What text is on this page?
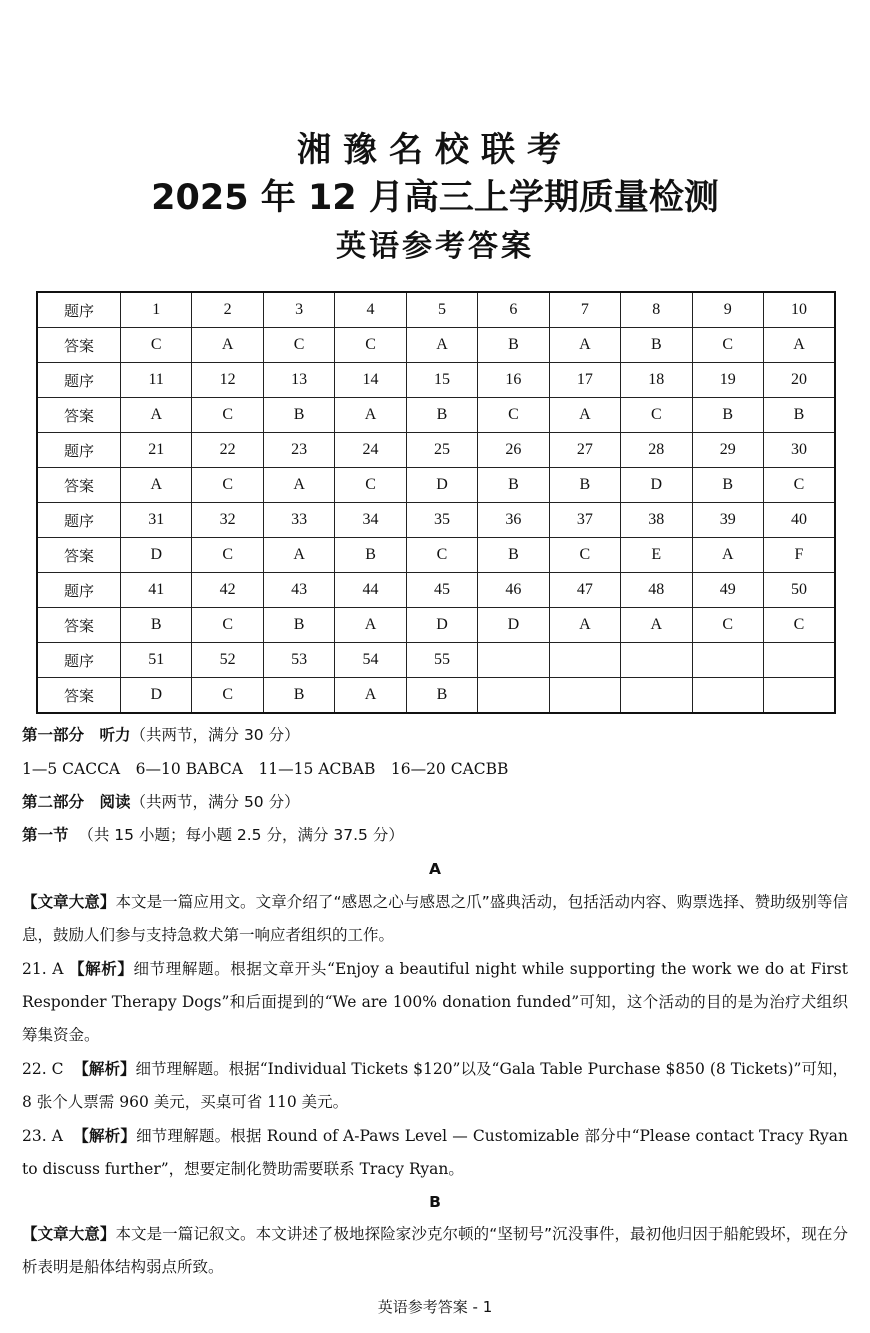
湘豫名校联考
2025 年 12 月高三上学期质量检测
英语参考答案
题序	1	2	3	4	5	6	7	8	9	10
答案	C	A	C	C	A	B	A	B	C	A
题序	11	12	13	14	15	16	17	18	19	20
答案	A	C	B	A	B	C	A	C	B	B
题序	21	22	23	24	25	26	27	28	29	30
答案	A	C	A	C	D	B	B	D	B	C
题序	31	32	33	34	35	36	37	38	39	40
答案	D	C	A	B	C	B	C	E	A	F
题序	41	42	43	44	45	46	47	48	49	50
答案	B	C	B	A	D	D	A	A	C	C
题序	51	52	53	54	55					
答案	D	C	B	A	B					
第一部分　听力（共两节，满分 30 分）
1—5 CACCA　6—10 BABCA　11—15 ACBAB　16—20 CACBB
第二部分　阅读（共两节，满分 50 分）
第一节 （共 15 小题；每小题 2.5 分，满分 37.5 分）
A
【文章大意】本文是一篇应用文。文章介绍了“感恩之心与感恩之爪”盛典活动，包括活动内容、购票选择、赞助级别等信息，鼓励人们参与支持急救犬第一响应者组织的工作。
21. A 【解析】细节理解题。根据文章开头“Enjoy a beautiful night while supporting the work we do at First Responder Therapy Dogs”和后面提到的“We are 100% donation funded”可知，这个活动的目的是为治疗犬组织筹集资金。
22. C 【解析】细节理解题。根据“Individual Tickets $120”以及“Gala Table Purchase $850 (8 Tickets)”可知，8 张个人票需 960 美元，买桌可省 110 美元。
23. A 【解析】细节理解题。根据 Round of A-Paws Level — Customizable 部分中“Please contact Tracy Ryan to discuss further”，想要定制化赞助需要联系 Tracy Ryan。
B
【文章大意】本文是一篇记叙文。本文讲述了极地探险家沙克尔顿的“坚韧号”沉没事件，最初他归因于船舵毁坏，现在分析表明是船体结构弱点所致。
英语参考答案 - 1
